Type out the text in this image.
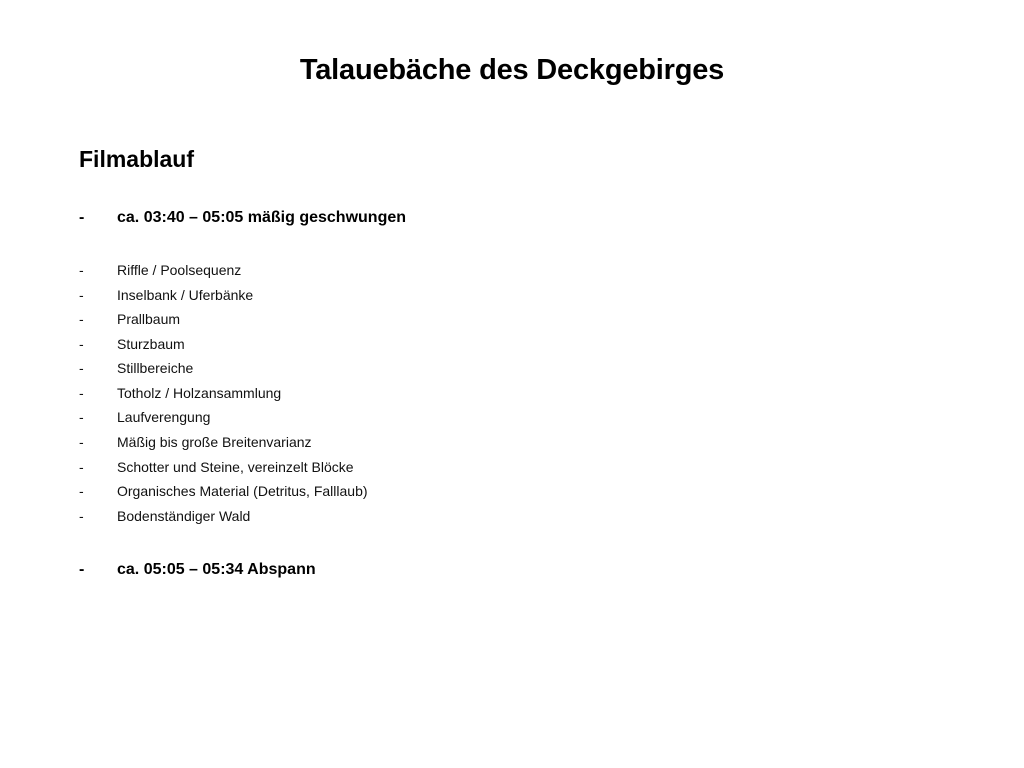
Talauebäche des Deckgebirges
Filmablauf
- ca. 03:40 – 05:05 mäßig geschwungen
- Riffle / Poolsequenz
- Inselbank / Uferbänke
- Prallbaum
- Sturzbaum
- Stillbereiche
- Totholz / Holzansammlung
- Laufverengung
- Mäßig bis große Breitenvarianz
- Schotter und Steine, vereinzelt Blöcke
- Organisches Material (Detritus, Falllaub)
- Bodenständiger Wald
- ca. 05:05 – 05:34 Abspann
